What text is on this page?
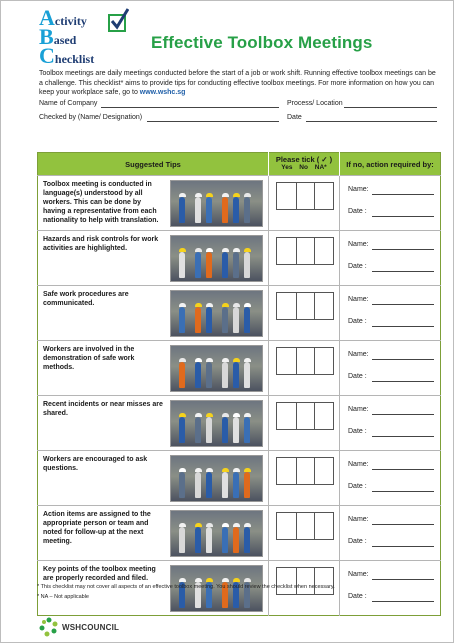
Activity
Based
Checklist
Effective Toolbox Meetings
Toolbox meetings are daily meetings conducted before the start of a job or work shift. Running effective toolbox meetings can be a challenge. This checklist* aims to provide tips for conducting effective toolbox meetings. For more information on how you can keep your workplace safe, go to www.wshc.sg
Name of Company	Process/ Location
Checked by (Name/ Designation)	Date
Suggested Tips	Please tick ( ✓ )
Yes No NA*	If no, action required by:

Toolbox meeting is conducted in language(s) understood by all workers. This can be done by having a representative from each nationality to help with translation.		Name:
Date :

Hazards and risk controls for work activities are highlighted.		Name:
Date :

Safe work procedures are communicated.		Name:
Date :

Workers are involved in the demonstration of safe work methods.		Name:
Date :

Recent incidents or near misses are shared.		Name:
Date :

Workers are encouraged to ask questions.		Name:
Date :

Action items are assigned to the appropriate person or team and noted for follow-up at the next meeting.		Name:
Date :

Key points of the toolbox meeting are properly recorded and filed.		Name:
Date :
* This checklist may not cover all aspects of an effective toolbox meeting. You should review the checklist when necessary.
* NA – Not applicable
WSHCOUNCIL
